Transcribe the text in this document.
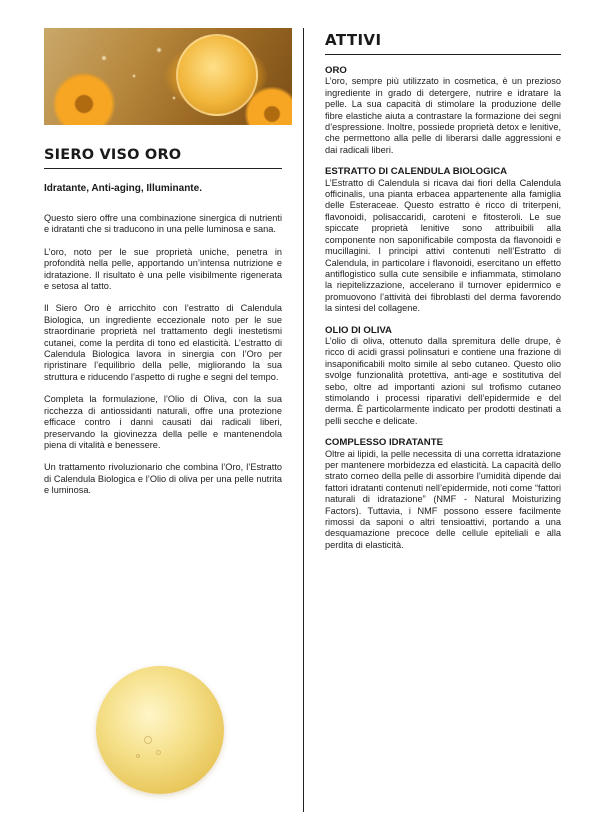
SIERO VISO ORO
Idratante, Anti-aging, Illuminante.

Questo siero offre una combinazione sinergica di nutrienti e idratanti che si traducono in una pelle luminosa e sana.

L’oro, noto per le sue proprietà uniche, penetra in profondità nella pelle, apportando un’intensa nutrizione e idratazione. Il risultato è una pelle visibilmente rigenerata e setosa al tatto.

Il Siero Oro è arricchito con l’estratto di Calendula Biologica, un ingrediente eccezionale noto per le sue straordinarie proprietà nel trattamento degli inestetismi cutanei, come la perdita di tono ed elasticità. L’estratto di Calendula Biologica lavora in sinergia con l’Oro per ripristinare l’equilibrio della pelle, migliorando la sua struttura e riducendo l’aspetto di rughe e segni del tempo.

Completa la formulazione, l’Olio di Oliva, con la sua ricchezza di antiossidanti naturali, offre una protezione efficace contro i danni causati dai radicali liberi, preservando la giovinezza della pelle e mantenendola piena di vitalità e benessere.

Un trattamento rivoluzionario che combina l’Oro, l’Estratto di Calendula Biologica e l’Olio di oliva per una pelle nutrita e luminosa.

ATTIVI
ORO

L’oro, sempre più utilizzato in cosmetica, è un prezioso ingrediente in grado di detergere, nutrire e idratare la pelle. La sua capacità di stimolare la produzione delle fibre elastiche aiuta a contrastare la formazione dei segni d’espressione. Inoltre, possiede proprietà detox e lenitive, che permettono alla pelle di liberarsi dalle aggressioni e dai radicali liberi.

ESTRATTO DI CALENDULA BIOLOGICA

L’Estratto di Calendula si ricava dai fiori della Calendula officinalis, una pianta erbacea appartenente alla famiglia delle Esteraceae. Questo estratto è ricco di triterpeni, flavonoidi, polisaccaridi, caroteni e fitosteroli. Le sue spiccate proprietà lenitive sono attribuibili alla componente non saponificabile composta da flavonoidi e mucillagini. I principi attivi contenuti nell’Estratto di Calendula, in particolare i flavonoidi, esercitano un effetto antiflogistico sulla cute sensibile e infiammata, stimolano la riepitelizzazione, accelerano il turnover epidermico e promuovono l’attività dei fibroblasti del derma favorendo la sintesi del collagene.

OLIO DI OLIVA

L’olio di oliva, ottenuto dalla spremitura delle drupe, è ricco di acidi grassi polinsaturi e contiene una frazione di insaponificabili molto simile al sebo cutaneo. Questo olio svolge funzionalità protettiva, anti-age e sostitutiva del sebo, oltre ad importanti azioni sul trofismo cutaneo stimolando i processi riparativi dell’epidermide e del derma. È particolarmente indicato per prodotti destinati a pelli secche e delicate.

COMPLESSO IDRATANTE

Oltre ai lipidi, la pelle necessita di una corretta idratazione per mantenere morbidezza ed elasticità. La capacità dello strato corneo della pelle di assorbire l’umidità dipende dai fattori idratanti contenuti nell’epidermide, noti come “fattori naturali di idratazione” (NMF - Natural Moisturizing Factors). Tuttavia, i NMF possono essere facilmente rimossi da saponi o altri tensioattivi, portando a una desquamazione precoce delle cellule epiteliali e alla perdita di elasticità.
